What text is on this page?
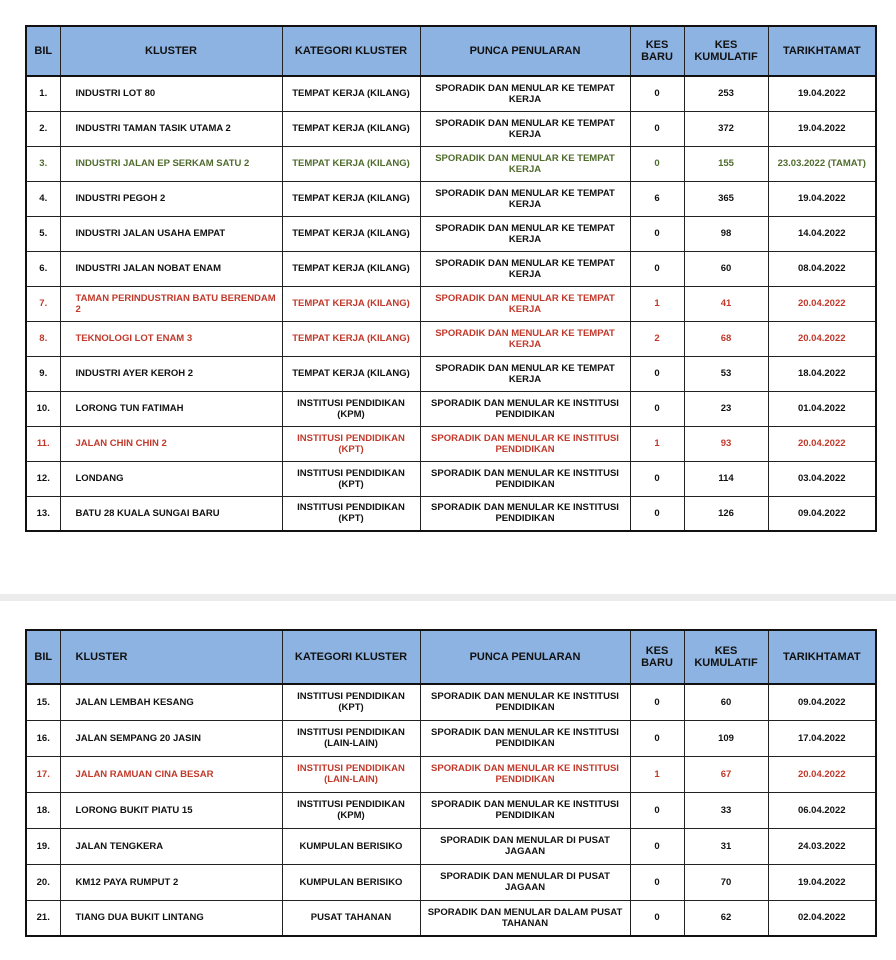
BIL	KLUSTER	KATEGORI KLUSTER	PUNCA PENULARAN	KES BARU	KES KUMULATIF	TARIKHTAMAT
1.	INDUSTRI LOT 80	TEMPAT KERJA (KILANG)	SPORADIK DAN MENULAR KE TEMPAT KERJA	0	253	19.04.2022
2.	INDUSTRI TAMAN TASIK UTAMA 2	TEMPAT KERJA (KILANG)	SPORADIK DAN MENULAR KE TEMPAT KERJA	0	372	19.04.2022
3.	INDUSTRI JALAN EP SERKAM SATU 2	TEMPAT KERJA (KILANG)	SPORADIK DAN MENULAR KE TEMPAT KERJA	0	155	23.03.2022 (TAMAT)
4.	INDUSTRI PEGOH 2	TEMPAT KERJA (KILANG)	SPORADIK DAN MENULAR KE TEMPAT KERJA	6	365	19.04.2022
5.	INDUSTRI JALAN USAHA EMPAT	TEMPAT KERJA (KILANG)	SPORADIK DAN MENULAR KE TEMPAT KERJA	0	98	14.04.2022
6.	INDUSTRI JALAN NOBAT ENAM	TEMPAT KERJA (KILANG)	SPORADIK DAN MENULAR KE TEMPAT KERJA	0	60	08.04.2022
7.	TAMAN PERINDUSTRIAN BATU BERENDAM 2	TEMPAT KERJA (KILANG)	SPORADIK DAN MENULAR KE TEMPAT KERJA	1	41	20.04.2022
8.	TEKNOLOGI LOT ENAM 3	TEMPAT KERJA (KILANG)	SPORADIK DAN MENULAR KE TEMPAT KERJA	2	68	20.04.2022
9.	INDUSTRI AYER KEROH 2	TEMPAT KERJA (KILANG)	SPORADIK DAN MENULAR KE TEMPAT KERJA	0	53	18.04.2022
10.	LORONG TUN FATIMAH	INSTITUSI PENDIDIKAN (KPM)	SPORADIK DAN MENULAR KE INSTITUSI PENDIDIKAN	0	23	01.04.2022
11.	JALAN CHIN CHIN 2	INSTITUSI PENDIDIKAN (KPT)	SPORADIK DAN MENULAR KE INSTITUSI PENDIDIKAN	1	93	20.04.2022
12.	LONDANG	INSTITUSI PENDIDIKAN (KPT)	SPORADIK DAN MENULAR KE INSTITUSI PENDIDIKAN	0	114	03.04.2022
13.	BATU 28 KUALA SUNGAI BARU	INSTITUSI PENDIDIKAN (KPT)	SPORADIK DAN MENULAR KE INSTITUSI PENDIDIKAN	0	126	09.04.2022
BIL	KLUSTER	KATEGORI KLUSTER	PUNCA PENULARAN	KES BARU	KES KUMULATIF	TARIKHTAMAT
15.	JALAN LEMBAH KESANG	INSTITUSI PENDIDIKAN (KPT)	SPORADIK DAN MENULAR KE INSTITUSI PENDIDIKAN	0	60	09.04.2022
16.	JALAN SEMPANG 20 JASIN	INSTITUSI PENDIDIKAN (LAIN-LAIN)	SPORADIK DAN MENULAR KE INSTITUSI PENDIDIKAN	0	109	17.04.2022
17.	JALAN RAMUAN CINA BESAR	INSTITUSI PENDIDIKAN (LAIN-LAIN)	SPORADIK DAN MENULAR KE INSTITUSI PENDIDIKAN	1	67	20.04.2022
18.	LORONG BUKIT PIATU 15	INSTITUSI PENDIDIKAN (KPM)	SPORADIK DAN MENULAR KE INSTITUSI PENDIDIKAN	0	33	06.04.2022
19.	JALAN TENGKERA	KUMPULAN BERISIKO	SPORADIK DAN MENULAR DI PUSAT JAGAAN	0	31	24.03.2022
20.	KM12 PAYA RUMPUT 2	KUMPULAN BERISIKO	SPORADIK DAN MENULAR DI PUSAT JAGAAN	0	70	19.04.2022
21.	TIANG DUA BUKIT LINTANG	PUSAT TAHANAN	SPORADIK DAN MENULAR DALAM PUSAT TAHANAN	0	62	02.04.2022
